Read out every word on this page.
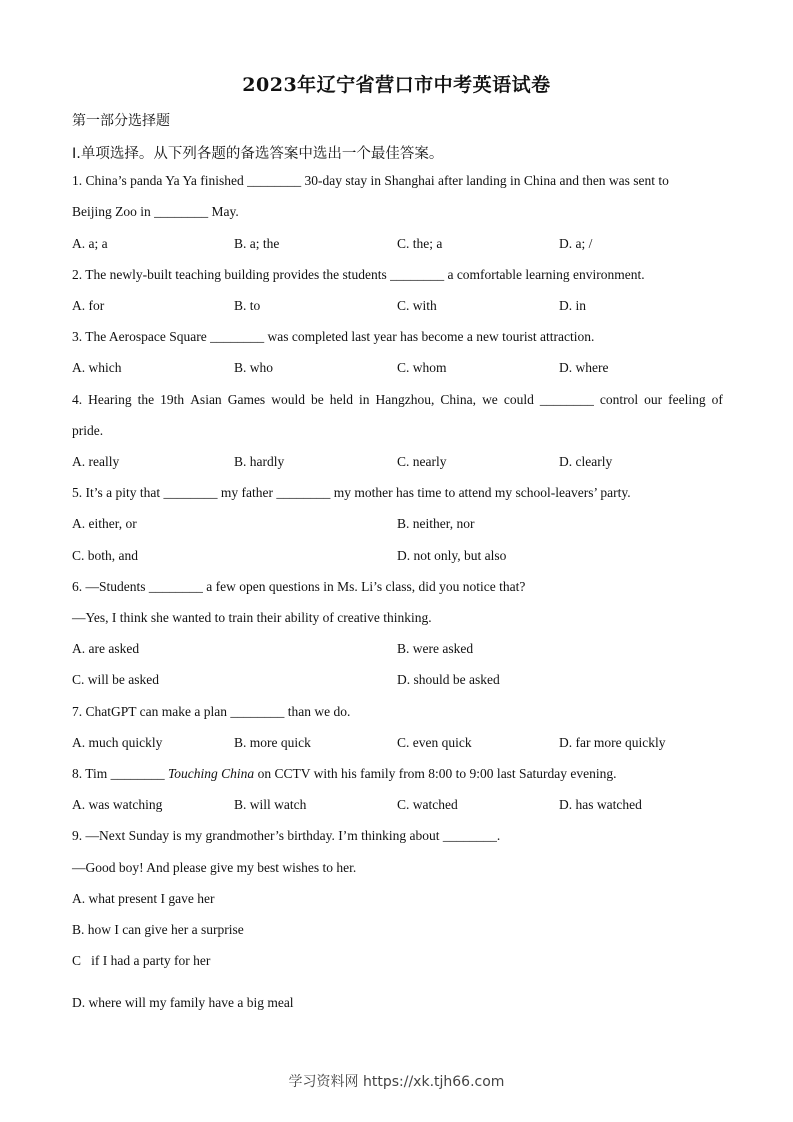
2023年辽宁省营口市中考英语试卷
第一部分选择题
Ⅰ.单项选择。从下列各题的备选答案中选出一个最佳答案。
1. China’s panda Ya Ya finished ________ 30-day stay in Shanghai after landing in China and then was sent to
Beijing Zoo in ________ May.
A. a; a	B. a; the	C. the; a	D. a; /
2. The newly-built teaching building provides the students ________ a comfortable learning environment.
A. for	B. to	C. with	D. in
3. The Aerospace Square ________ was completed last year has become a new tourist attraction.
A. which	B. who	C. whom	D. where
4. Hearing the 19th Asian Games would be held in Hangzhou, China, we could ________ control our feeling of
pride.
A. really	B. hardly	C. nearly	D. clearly
5. It’s a pity that ________ my father ________ my mother has time to attend my school-leavers’ party.
A. either, or	B. neither, nor
C. both, and	D. not only, but also
6. —Students ________ a few open questions in Ms. Li’s class, did you notice that?
—Yes, I think she wanted to train their ability of creative thinking.
A. are asked	B. were asked
C. will be asked	D. should be asked
7. ChatGPT can make a plan ________ than we do.
A. much quickly	B. more quick	C. even quick	D. far more quickly
8. Tim ________ Touching China on CCTV with his family from 8:00 to 9:00 last Saturday evening.
A. was watching	B. will watch	C. watched	D. has watched
9. —Next Sunday is my grandmother’s birthday. I’m thinking about ________.
—Good boy! And please give my best wishes to her.
A. what present I gave her
B. how I can give her a surprise
C   if I had a party for her
D. where will my family have a big meal
学习资料网 https://xk.tjh66.com
